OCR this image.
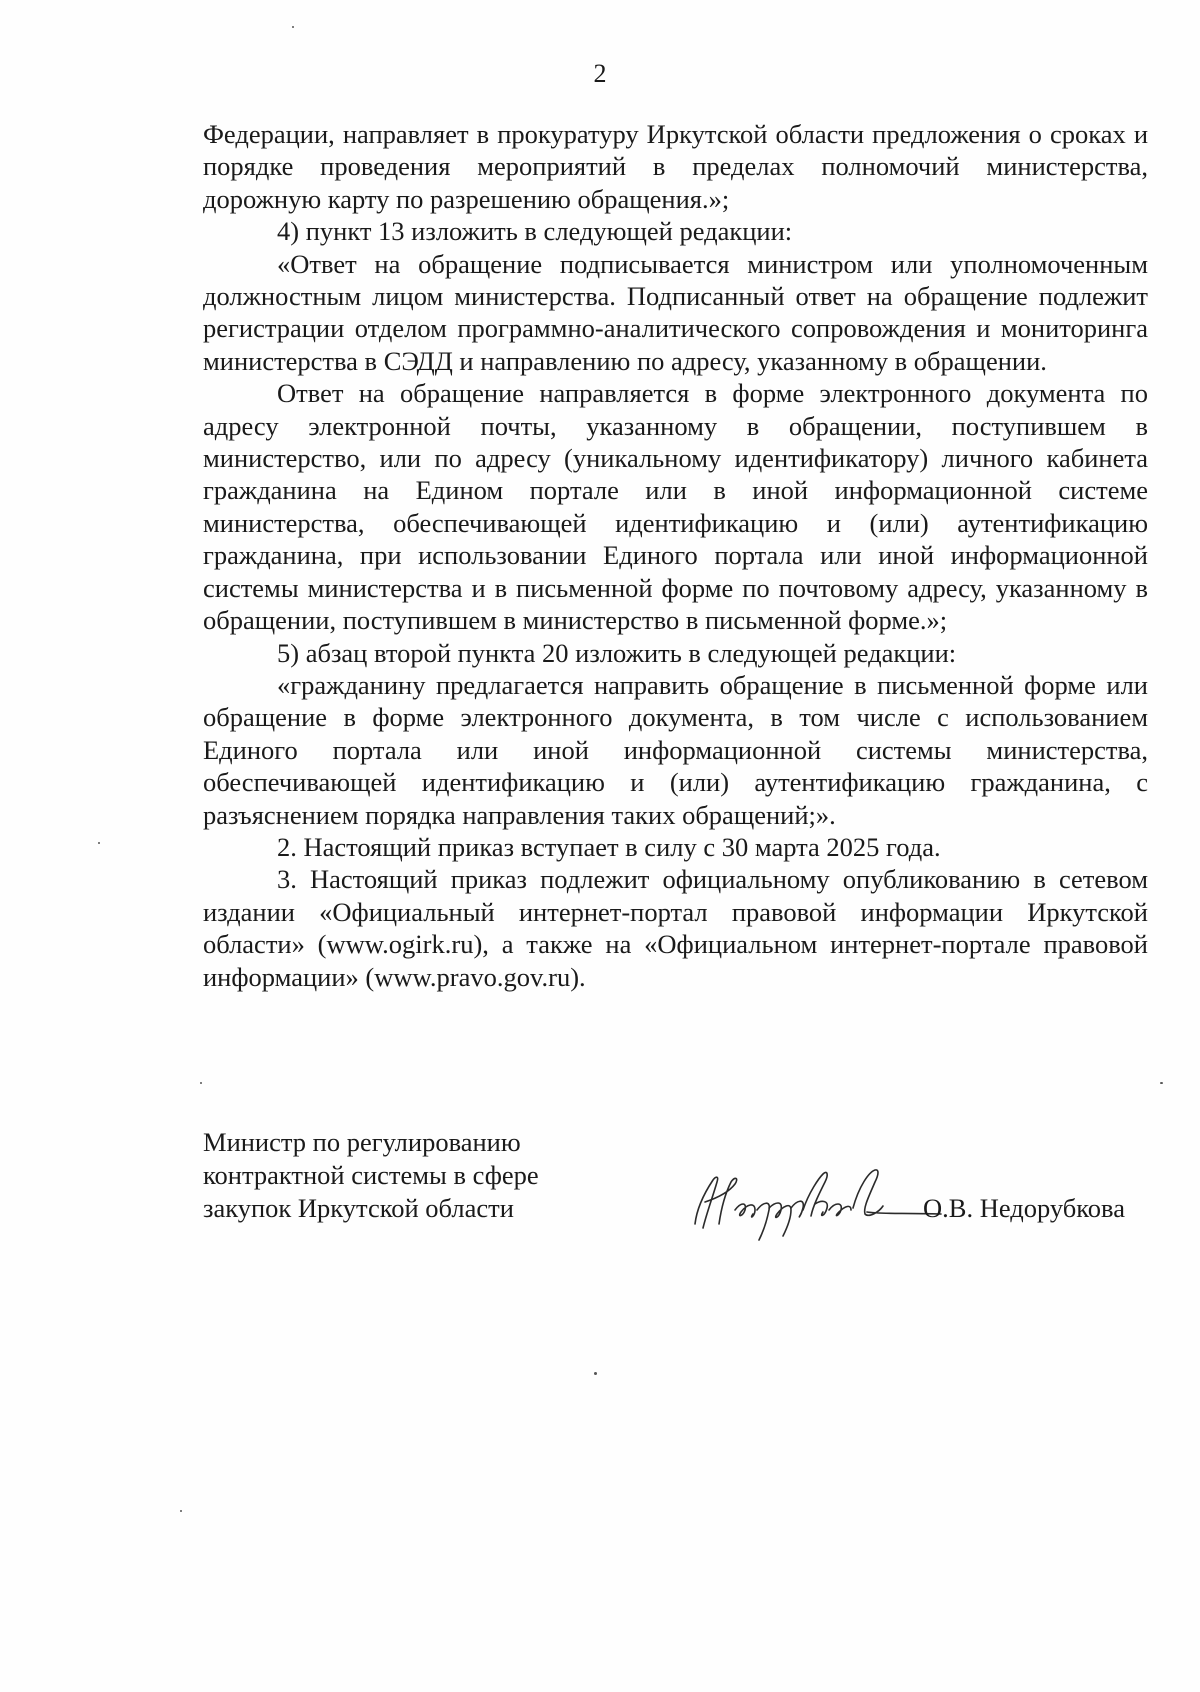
2

Федерации, направляет в прокуратуру Иркутской области предложения о сроках и порядке проведения мероприятий в пределах полномочий министерства, дорожную карту по разрешению обращения.»;

4) пункт 13 изложить в следующей редакции:

«Ответ на обращение подписывается министром или уполномоченным должностным лицом министерства. Подписанный ответ на обращение подлежит регистрации отделом программно-аналитического сопровождения и мониторинга министерства в СЭДД и направлению по адресу, указанному в обращении.

Ответ на обращение направляется в форме электронного документа по адресу электронной почты, указанному в обращении, поступившем в министерство, или по адресу (уникальному идентификатору) личного кабинета гражданина на Едином портале или в иной информационной системе министерства, обеспечивающей идентификацию и (или) аутентификацию гражданина, при использовании Единого портала или иной информационной системы министерства и в письменной форме по почтовому адресу, указанному в обращении, поступившем в министерство в письменной форме.»;

5) абзац второй пункта 20 изложить в следующей редакции:

«гражданину предлагается направить обращение в письменной форме или обращение в форме электронного документа, в том числе с использованием Единого портала или иной информационной системы министерства, обеспечивающей идентификацию и (или) аутентификацию гражданина, с разъяснением порядка направления таких обращений;».

2. Настоящий приказ вступает в силу с 30 марта 2025 года.

3. Настоящий приказ подлежит официальному опубликованию в сетевом издании «Официальный интернет-портал правовой информации Иркутской области» (www.ogirk.ru), а также на «Официальном интернет-портале правовой информации» (www.pravo.gov.ru).

Министр по регулированию
контрактной системы в сфере
закупок Иркутской области	О.В. Недорубкова
